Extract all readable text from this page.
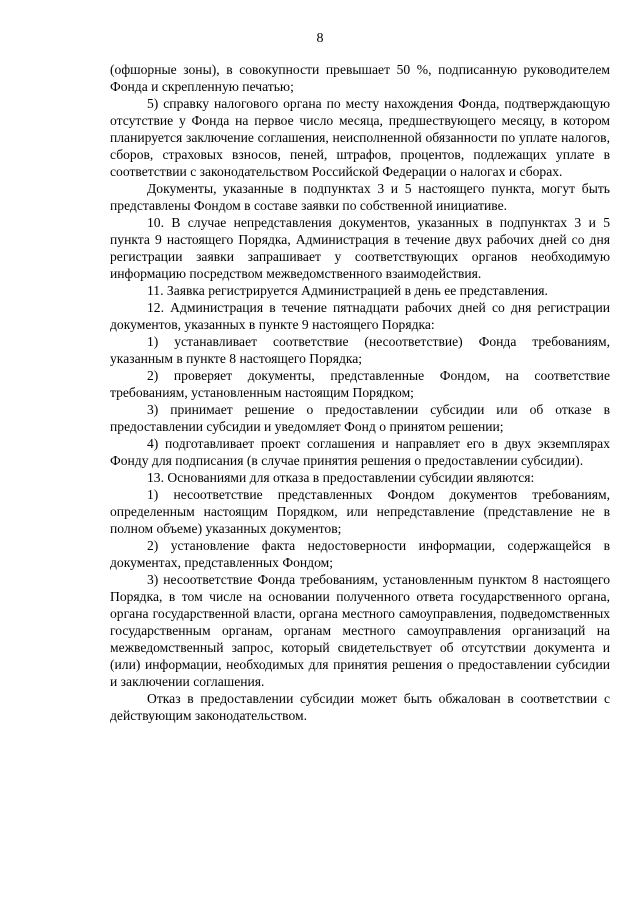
8

(офшорные зоны), в совокупности превышает 50 %, подписанную руководителем Фонда и скрепленную печатью;

5) справку налогового органа по месту нахождения Фонда, подтверждающую отсутствие у Фонда на первое число месяца, предшествующего месяцу, в котором планируется заключение соглашения, неисполненной обязанности по уплате налогов, сборов, страховых взносов, пеней, штрафов, процентов, подлежащих уплате в соответствии с законодательством Российской Федерации о налогах и сборах.

Документы, указанные в подпунктах 3 и 5 настоящего пункта, могут быть представлены Фондом в составе заявки по собственной инициативе.

10. В случае непредставления документов, указанных в подпунктах 3 и 5 пункта 9 настоящего Порядка, Администрация в течение двух рабочих дней со дня регистрации заявки запрашивает у соответствующих органов необходимую информацию посредством межведомственного взаимодействия.

11. Заявка регистрируется Администрацией в день ее представления.

12. Администрация в течение пятнадцати рабочих дней со дня регистрации документов, указанных в пункте 9 настоящего Порядка:

1) устанавливает соответствие (несоответствие) Фонда требованиям, указанным в пункте 8 настоящего Порядка;

2) проверяет документы, представленные Фондом, на соответствие требованиям, установленным настоящим Порядком;

3) принимает решение о предоставлении субсидии или об отказе в предоставлении субсидии и уведомляет Фонд о принятом решении;

4) подготавливает проект соглашения и направляет его в двух экземплярах Фонду для подписания (в случае принятия решения о предоставлении субсидии).

13. Основаниями для отказа в предоставлении субсидии являются:

1) несоответствие представленных Фондом документов требованиям, определенным настоящим Порядком, или непредставление (представление не в полном объеме) указанных документов;

2) установление факта недостоверности информации, содержащейся в документах, представленных Фондом;

3) несоответствие Фонда требованиям, установленным пунктом 8 настоящего Порядка, в том числе на основании полученного ответа государственного органа, органа государственной власти, органа местного самоуправления, подведомственных государственным органам, органам местного самоуправления организаций на межведомственный запрос, который свидетельствует об отсутствии документа и (или) информации, необходимых для принятия решения о предоставлении субсидии и заключении соглашения.

Отказ в предоставлении субсидии может быть обжалован в соответствии с действующим законодательством.
